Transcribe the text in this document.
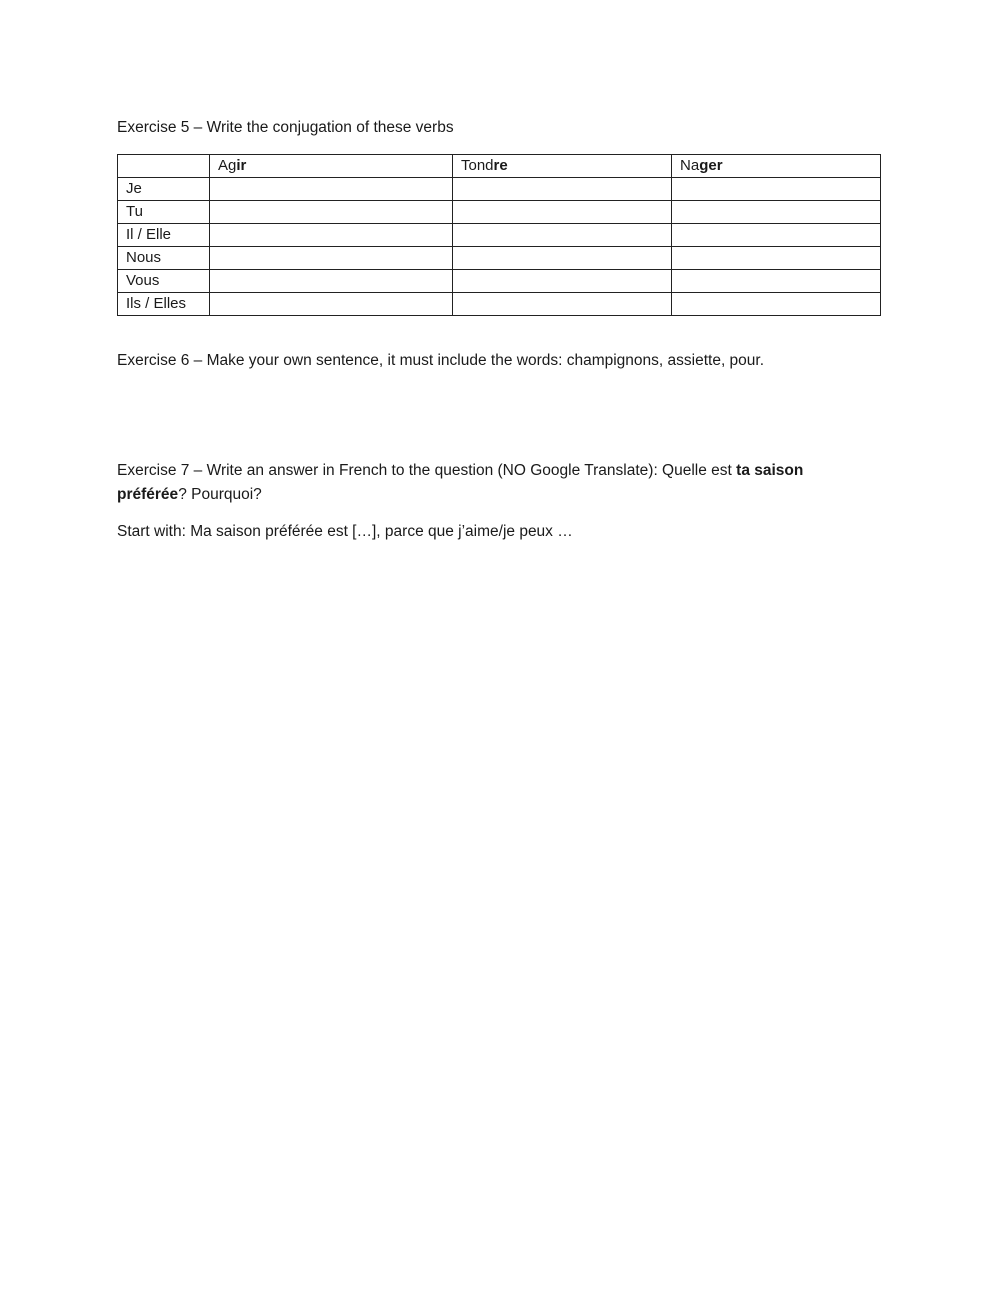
Exercise 5 – Write the conjugation of these verbs

	Agir	Tondre	Nager
Je			
Tu			
Il / Elle			
Nous			
Vous			
Ils / Elles			

Exercise 6 – Make your own sentence, it must include the words: champignons, assiette, pour.

Exercise 7 – Write an answer in French to the question (NO Google Translate): Quelle est ta saison préférée? Pourquoi?

Start with: Ma saison préférée est […], parce que j’aime/je peux …
